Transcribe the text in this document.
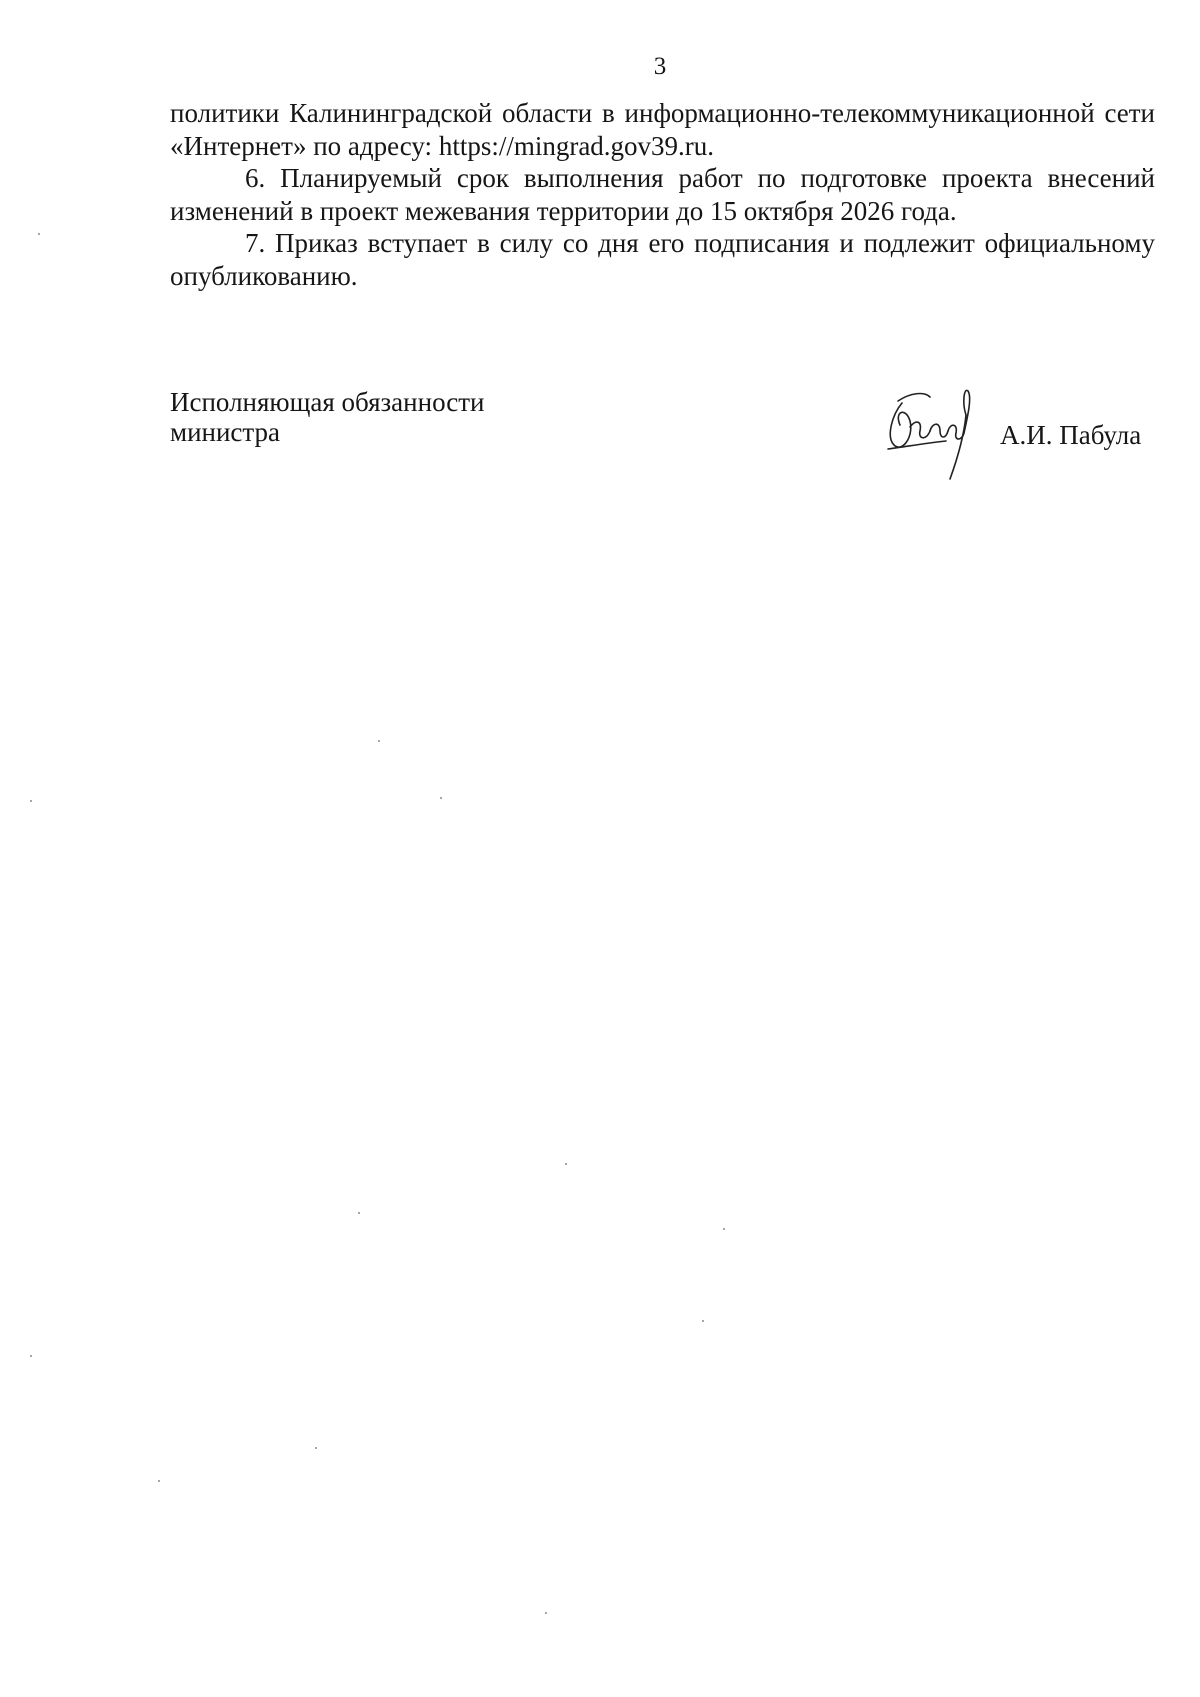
3

политики Калининградской области в информационно-телекоммуникационной сети «Интернет» по адресу: https://mingrad.gov39.ru.

6. Планируемый срок выполнения работ по подготовке проекта внесений изменений в проект межевания территории до 15 октября 2026 года.

7. Приказ вступает в силу со дня его подписания и подлежит официальному опубликованию.

Исполняющая обязанности
министра	А.И. Пабула
